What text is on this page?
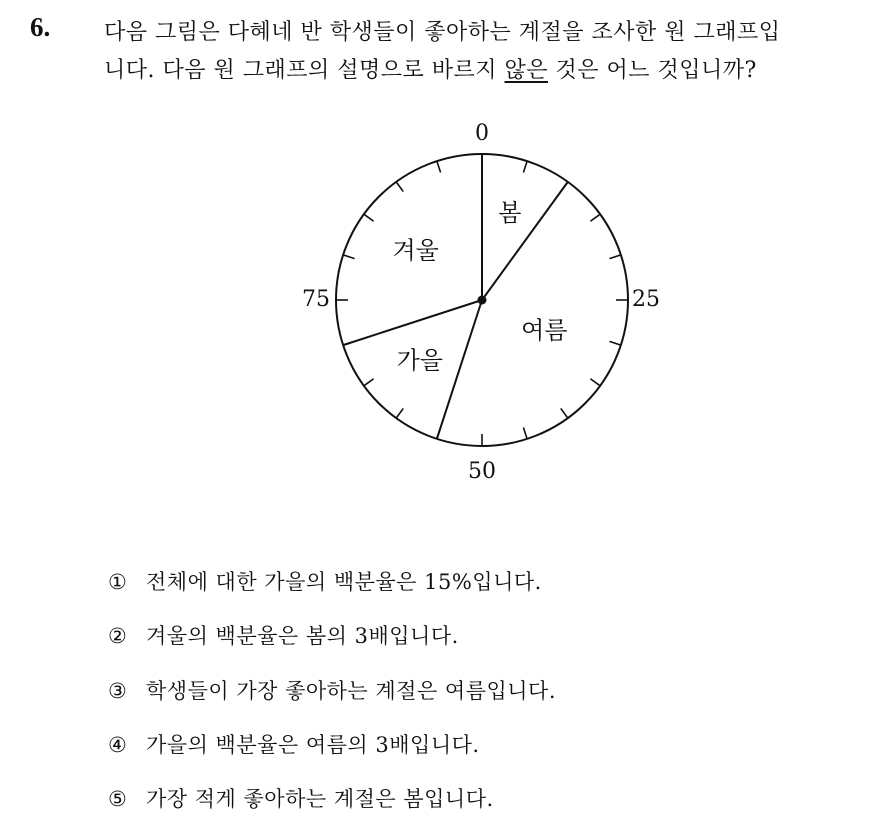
6. 다음 그림은 다혜네 반 학생들이 좋아하는 계절을 조사한 원 그래프입
니다. 다음 원 그래프의 설명으로 바르지 않은 것은 어느 것입니까?
봄
여름
가을
겨울
0
25
50
75
① 전체에 대한 가을의 백분율은 15%입니다.
② 겨울의 백분율은 봄의 3배입니다.
③ 학생들이 가장 좋아하는 계절은 여름입니다.
④ 가을의 백분율은 여름의 3배입니다.
⑤ 가장 적게 좋아하는 계절은 봄입니다.
